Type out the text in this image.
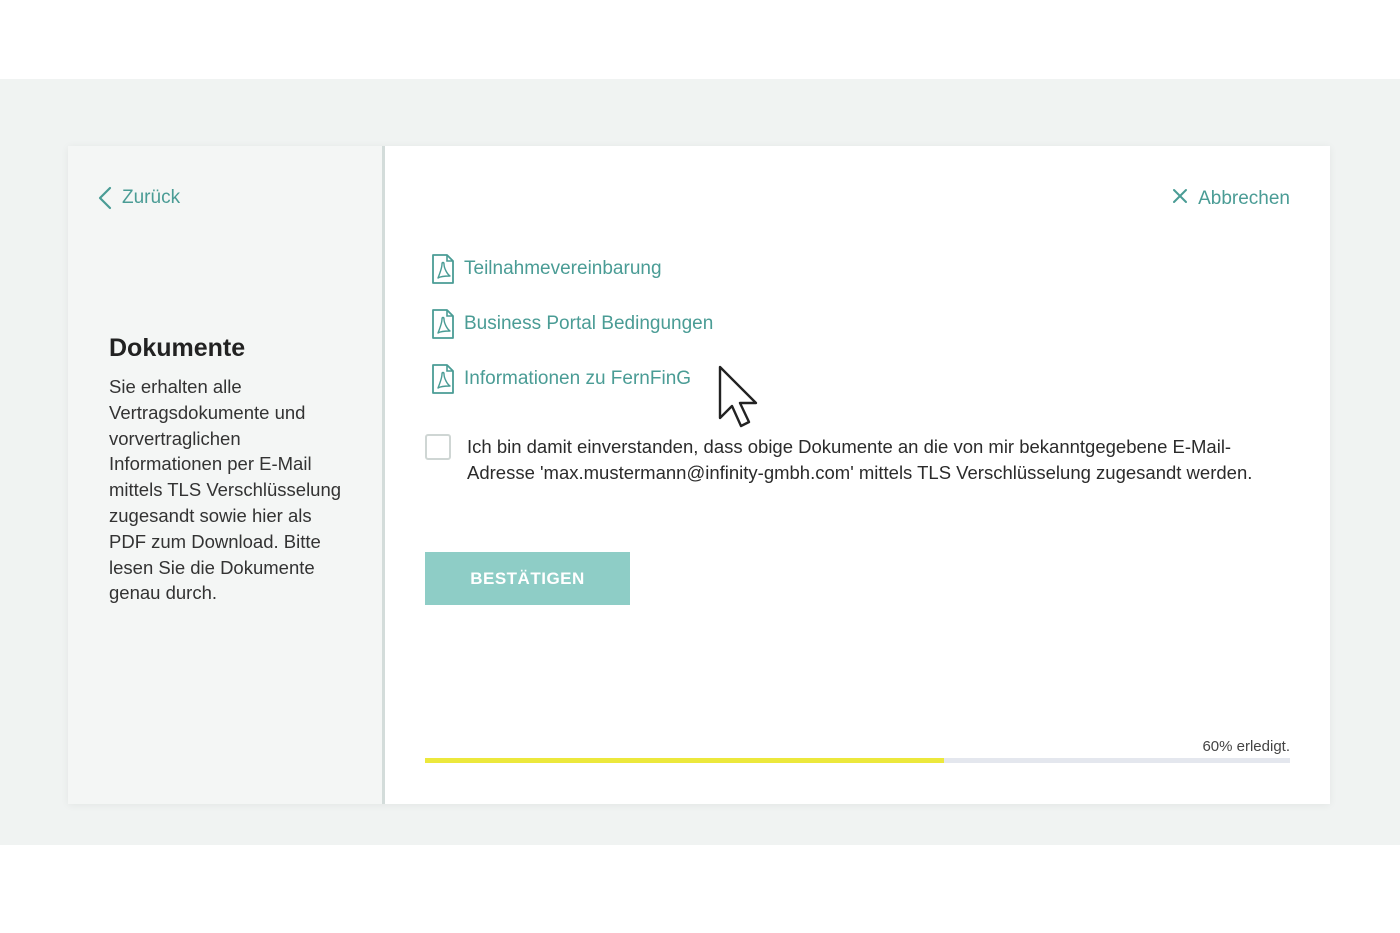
Zurück
Dokumente

Sie erhalten alle Vertragsdokumente und vorvertraglichen Informationen per E-Mail mittels TLS Verschlüsselung zugesandt sowie hier als PDF zum Download. Bitte lesen Sie die Dokumente genau durch.

Abbrechen
Teilnahmevereinbarung
Business Portal Bedingungen
Informationen zu FernFinG
Ich bin damit einverstanden, dass obige Dokumente an die von mir bekanntgegebene E-Mail-Adresse 'max.mustermann@infinity-gmbh.com' mittels TLS Verschlüsselung zugesandt werden.
BESTÄTIGEN
60% erledigt.
